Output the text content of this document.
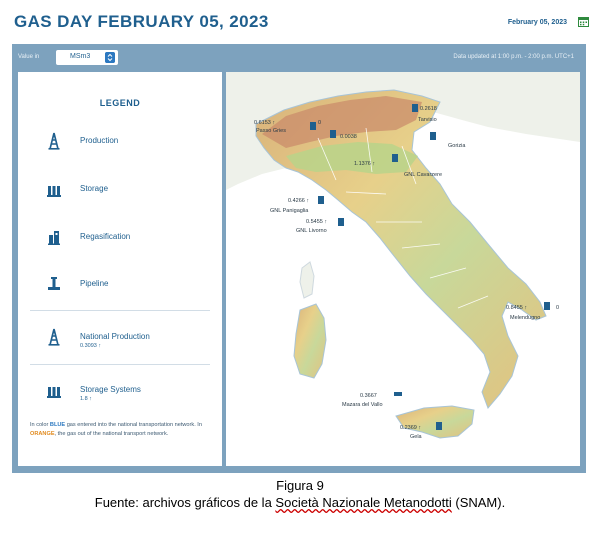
GAS DAY FEBRUARY 05, 2023	February 05, 2023
Value in	MSm3	Data updated at 1:00 p.m. - 2:00 p.m. UTC+1
LEGEND
Production
Storage
Regasification
Pipeline
National Production
0.3093 ↑
Storage Systems
1.8 ↑
In color BLUE gas entered into the national transportation network. In ORANGE, the gas out of the national transport network.
0.6153 ↑	0
Passo Gries
0.2618
Tarvisio
Gorizia
0.0038
1.1376 ↑
GNL Cavarzere
0.4266 ↑
GNL Panigaglia
0.5455 ↑
GNL Livorno
0.8455 ↑	0
Melendugno
0.3667
Mazara del Vallo
0.2369 ↑
Gela
Figura 9
Fuente: archivos gráficos de la Società Nazionale Metanodotti (SNAM).
